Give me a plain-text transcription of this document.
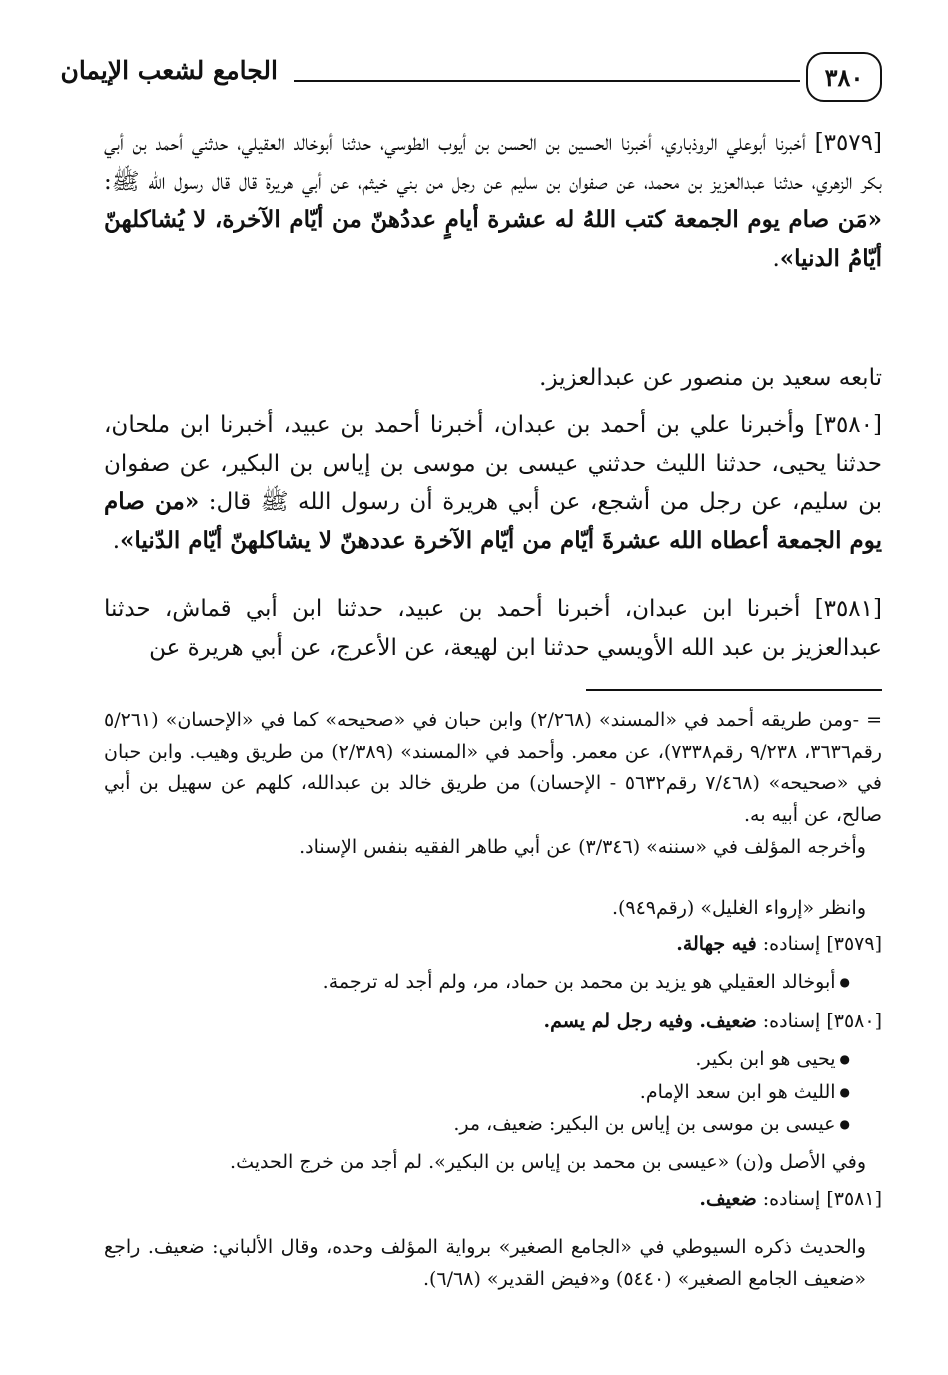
الجامع لشعب الإيمان	٣٨٠

[٣٥٧٩] أخبرنا أبوعلي الروذباري، أخبرنا الحسين بن الحسن بن أيوب الطوسي، حدثنا أبوخالد العقيلي، حدثني أحمد بن أبي بكر الزهري، حدثنا عبدالعزيز بن محمد، عن صفوان بن سليم عن رجل من بني خيثم، عن أبي هريرة قال قال رسول الله ﷺ: «مَن صام يوم الجمعة كتب اللهُ له عشرة أيامٍ عددُهنّ من أيّام الآخرة، لا يُشاكلهنّ أيّامُ الدنيا».

تابعه سعيد بن منصور عن عبدالعزيز.

[٣٥٨٠] وأخبرنا علي بن أحمد بن عبدان، أخبرنا أحمد بن عبيد، أخبرنا ابن ملحان، حدثنا يحيى، حدثنا الليث حدثني عيسى بن موسى بن إياس بن البكير، عن صفوان بن سليم، عن رجل من أشجع، عن أبي هريرة أن رسول الله ﷺ قال: «من صام يوم الجمعة أعطاه الله عشرةَ أيّام من أيّام الآخرة عددهنّ لا يشاكلهنّ أيّام الدّنيا».

[٣٥٨١] أخبرنا ابن عبدان، أخبرنا أحمد بن عبيد، حدثنا ابن أبي قماش، حدثنا عبدالعزيز بن عبد الله الأويسي حدثنا ابن لهيعة، عن الأعرج، عن أبي هريرة عن

= -ومن طريقه أحمد في «المسند» (٢/٢٦٨) وابن حبان في «صحيحه» كما في «الإحسان» (٥/٢٦١ رقم٣٦٣٦، ٩/٢٣٨ رقم٧٣٣٨)، عن معمر. وأحمد في «المسند» (٢/٣٨٩) من طريق وهيب. وابن حبان في «صحيحه» (٧/٤٦٨ رقم٥٦٣٢ - الإحسان) من طريق خالد بن عبدالله، كلهم عن سهيل بن أبي صالح، عن أبيه به.
وأخرجه المؤلف في «سننه» (٣/٣٤٦) عن أبي طاهر الفقيه بنفس الإسناد.
وانظر «إرواء الغليل» (رقم٩٤٩).
[٣٥٧٩] إسناده: فيه جهالة.
● أبوخالد العقيلي هو يزيد بن محمد بن حماد، مر، ولم أجد له ترجمة.
[٣٥٨٠] إسناده: ضعيف. وفيه رجل لم يسم.
● يحيى هو ابن بكير.
● الليث هو ابن سعد الإمام.
● عيسى بن موسى بن إياس بن البكير: ضعيف، مر.
وفي الأصل و(ن) «عيسى بن محمد بن إياس بن البكير». لم أجد من خرج الحديث.
[٣٥٨١] إسناده: ضعيف.
والحديث ذكره السيوطي في «الجامع الصغير» برواية المؤلف وحده، وقال الألباني: ضعيف. راجع «ضعيف الجامع الصغير» (٥٤٤٠) و«فيض القدير» (٦/٦٨).
